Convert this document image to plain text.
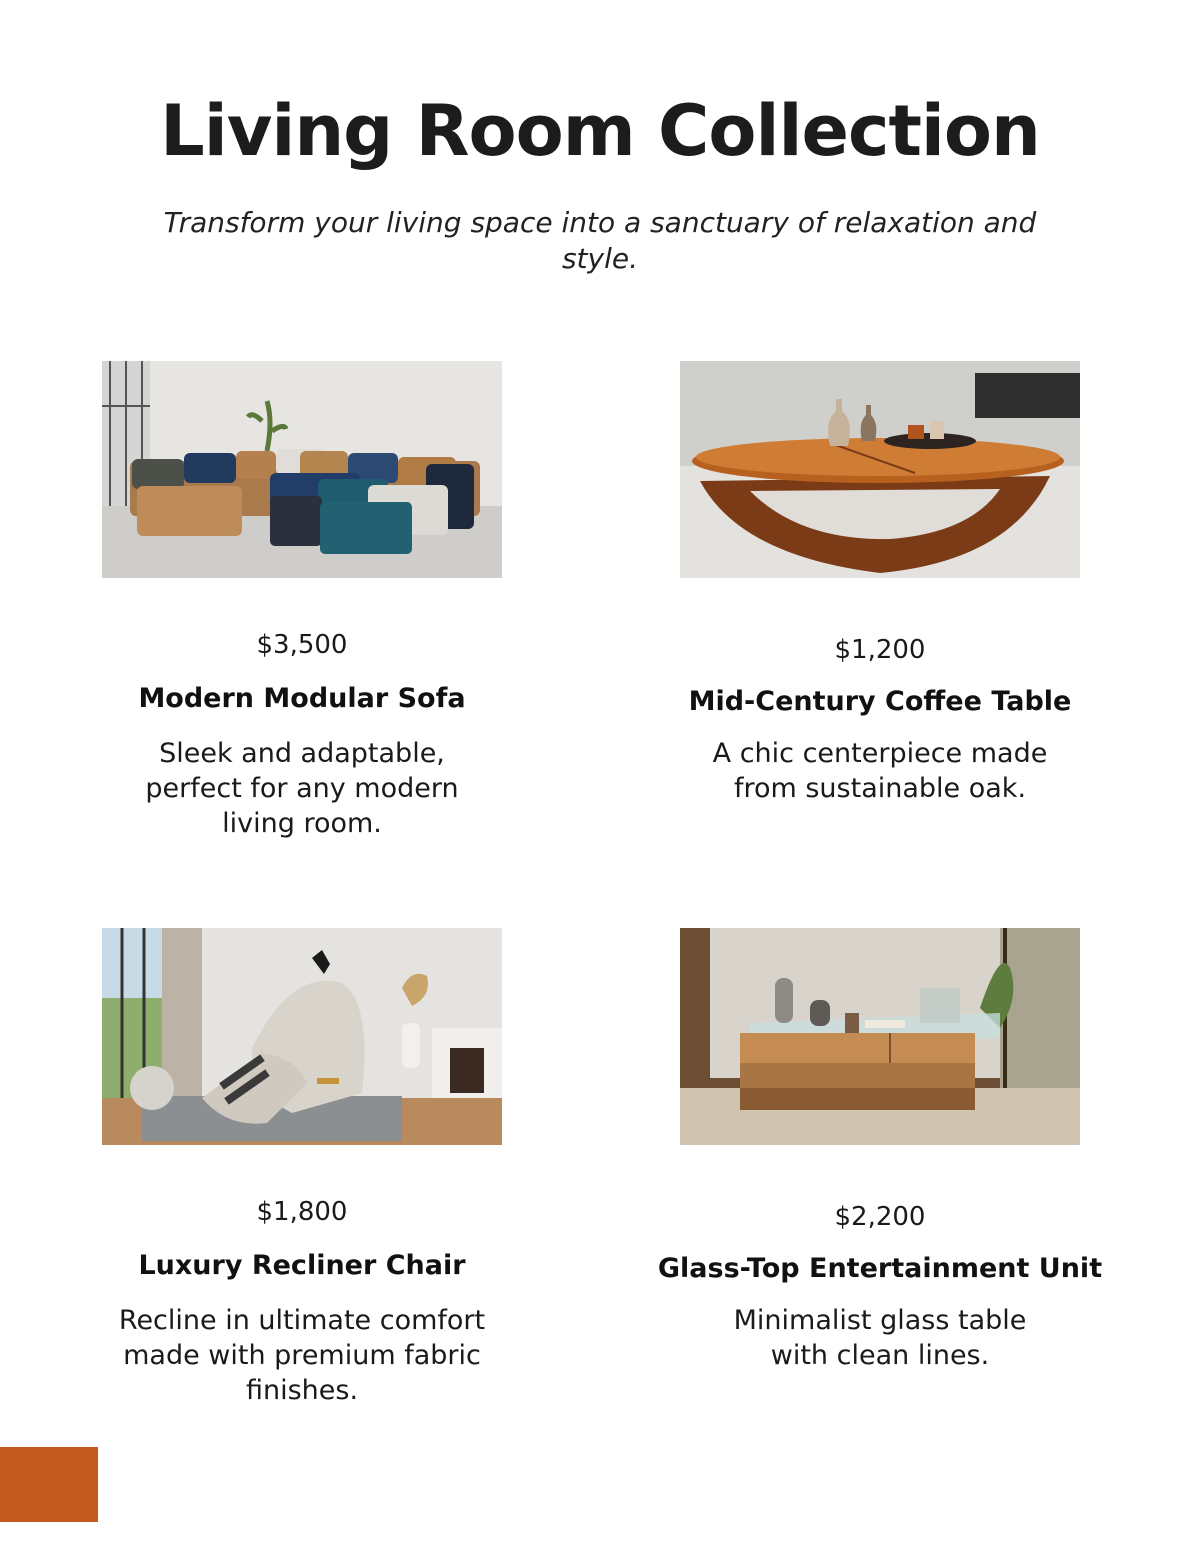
Living Room Collection

Transform your living space into a sanctuary of relaxation and style.

$3,500
Modern Modular Sofa
Sleek and adaptable, perfect for any modern living room.
$1,200
Mid-Century Coffee Table
A chic centerpiece made from sustainable oak.
$1,800
Luxury Recliner Chair
Recline in ultimate comfort made with premium fabric finishes.
$2,200
Glass-Top Entertainment Unit
Minimalist glass table with clean lines.
